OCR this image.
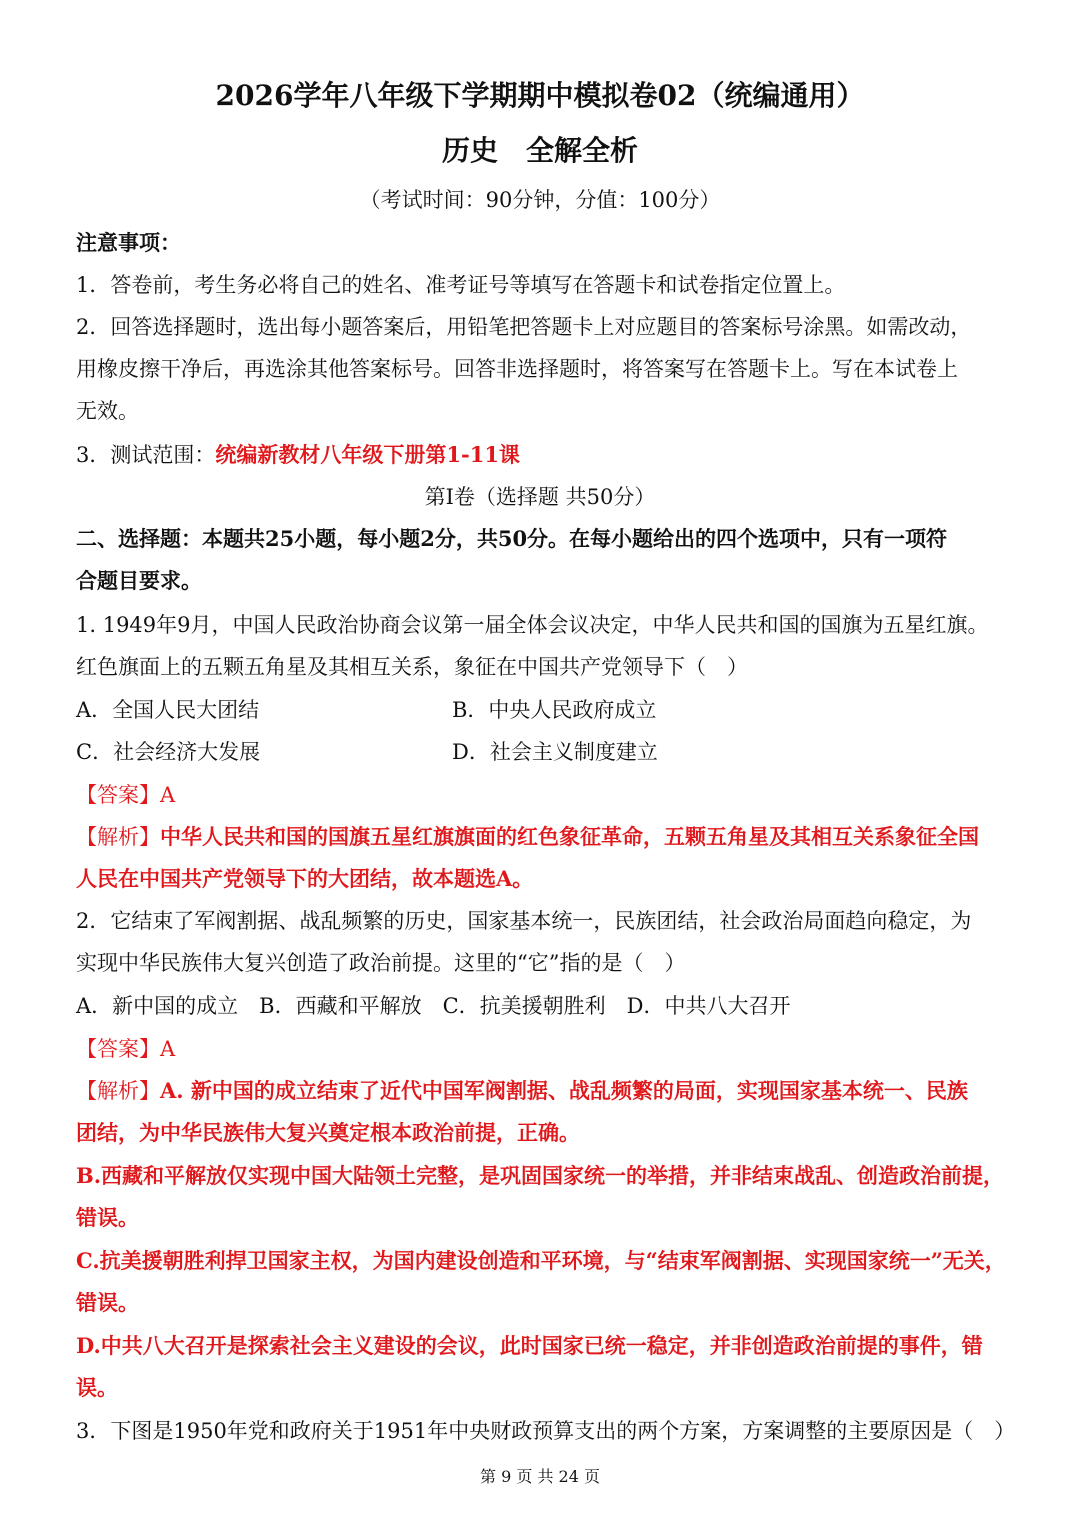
2026学年八年级下学期期中模拟卷02（统编通用）
历史　全解全析
（考试时间：90分钟，分值：100分）
注意事项：
1．答卷前，考生务必将自己的姓名、准考证号等填写在答题卡和试卷指定位置上。
2．回答选择题时，选出每小题答案后，用铅笔把答题卡上对应题目的答案标号涂黑。如需改动，
用橡皮擦干净后，再选涂其他答案标号。回答非选择题时，将答案写在答题卡上。写在本试卷上
无效。
3．测试范围：统编新教材八年级下册第1-11课
第Ⅰ卷（选择题 共50分）
二、选择题：本题共25小题，每小题2分，共50分。在每小题给出的四个选项中，只有一项符
合题目要求。
1. 1949年9月，中国人民政治协商会议第一届全体会议决定，中华人民共和国的国旗为五星红旗。
红色旗面上的五颗五角星及其相互关系，象征在中国共产党领导下（　）
A．全国人民大团结	B．中央人民政府成立
C．社会经济大发展	D．社会主义制度建立
【答案】A
【解析】中华人民共和国的国旗五星红旗旗面的红色象征革命，五颗五角星及其相互关系象征全国
人民在中国共产党领导下的大团结，故本题选A。
2．它结束了军阀割据、战乱频繁的历史，国家基本统一，民族团结，社会政治局面趋向稳定，为
实现中华民族伟大复兴创造了政治前提。这里的“它”指的是（　）
A．新中国的成立　B．西藏和平解放　C．抗美援朝胜利　D．中共八大召开
【答案】A
【解析】A. 新中国的成立结束了近代中国军阀割据、战乱频繁的局面，实现国家基本统一、民族
团结，为中华民族伟大复兴奠定根本政治前提，正确。
B.西藏和平解放仅实现中国大陆领土完整，是巩固国家统一的举措，并非结束战乱、创造政治前提，
错误。
C.抗美援朝胜利捍卫国家主权，为国内建设创造和平环境，与“结束军阀割据、实现国家统一”无关，
错误。
D.中共八大召开是探索社会主义建设的会议，此时国家已统一稳定，并非创造政治前提的事件，错
误。
3．下图是1950年党和政府关于1951年中央财政预算支出的两个方案，方案调整的主要原因是（　）
第 9 页 共 24 页
